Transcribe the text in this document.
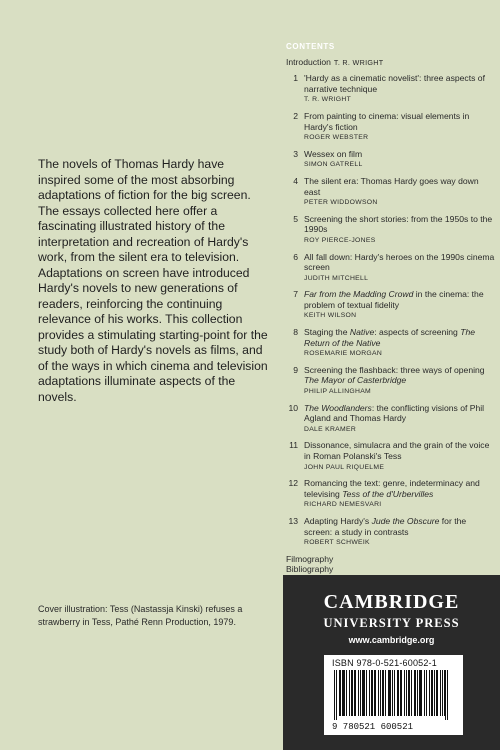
The novels of Thomas Hardy have inspired some of the most absorbing adaptations of fiction for the big screen. The essays collected here offer a fascinating illustrated history of the interpretation and recreation of Hardy's work, from the silent era to television. Adaptations on screen have introduced Hardy's novels to new generations of readers, reinforcing the continuing relevance of his works. This collection provides a stimulating starting-point for the study both of Hardy's novels as films, and of the ways in which cinema and television adaptations illuminate aspects of the novels.

Cover illustration: Tess (Nastassja Kinski) refuses a strawberry in Tess, Pathé Renn Production, 1979.

CONTENTS
Introduction T. R. WRIGHT
1 'Hardy as a cinematic novelist': three aspects of narrative technique
T. R. WRIGHT
2 From painting to cinema: visual elements in Hardy's fiction
ROGER WEBSTER
3 Wessex on film
SIMON GATRELL
4 The silent era: Thomas Hardy goes way down east
PETER WIDDOWSON
5 Screening the short stories: from the 1950s to the 1990s
ROY PIERCE-JONES
6 All fall down: Hardy's heroes on the 1990s cinema screen
JUDITH MITCHELL
7 Far from the Madding Crowd in the cinema: the problem of textual fidelity
KEITH WILSON
8 Staging the Native: aspects of screening The Return of the Native
ROSEMARIE MORGAN
9 Screening the flashback: three ways of opening The Mayor of Casterbridge
PHILIP ALLINGHAM
10 The Woodlanders: the conflicting visions of Phil Agland and Thomas Hardy
DALE KRAMER
11 Dissonance, simulacra and the grain of the voice in Roman Polanski's Tess
JOHN PAUL RIQUELME
12 Romancing the text: genre, indeterminacy and televising Tess of the d'Urbervilles
RICHARD NEMESVARI
13 Adapting Hardy's Jude the Obscure for the screen: a study in contrasts
ROBERT SCHWEIK
Filmography
Bibliography
CAMBRIDGE
UNIVERSITY PRESS
www.cambridge.org
ISBN 978-0-521-60052-1
9 780521 600521
